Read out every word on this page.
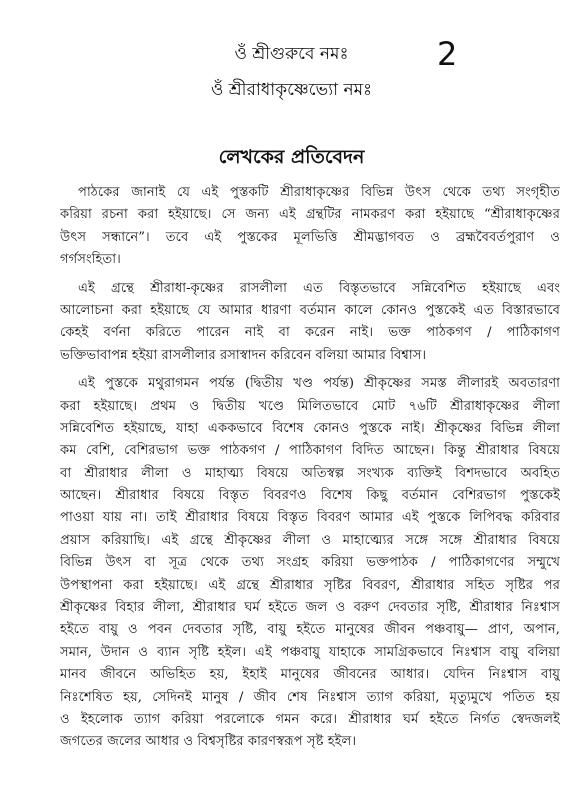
ওঁ শ্রীগুরুবে নমঃ	2
ওঁ শ্রীরাধাকৃষ্ণেভ্যো নমঃ
লেখকের প্রতিবেদন
পাঠকের জানাই যে এই পুস্তকটি শ্রীরাধাকৃষ্ণের বিভিন্ন উৎস থেকে তথ্য সংগৃহীত
করিয়া রচনা করা হইয়াছে। সে জন্য এই গ্রন্থটির নামকরণ করা হইয়াছে “শ্রীরাধাকৃষ্ণের
উৎস সন্ধানে”। তবে এই পুস্তকের মূলভিত্তি শ্রীমদ্ভাগবত ও ব্রহ্মবৈবর্তপুরাণ ও
গর্গসংহিতা।
এই গ্রন্থে শ্রীরাধা-কৃষ্ণের রাসলীলা এত বিস্তৃতভাবে সন্নিবেশিত হইয়াছে এবং
আলোচনা করা হইয়াছে যে আমার ধারণা বর্তমান কালে কোনও পুস্তকেই এত বিস্তারভাবে
কেহই বর্ণনা করিতে পারেন নাই বা করেন নাই। ভক্ত পাঠকগণ / পাঠিকাগণ
ভক্তিভাবাপন্ন হইয়া রাসলীলার রসাস্বাদন করিবেন বলিয়া আমার বিশ্বাস।
এই পুস্তকে মথুরাগমন পর্যন্ত (দ্বিতীয় খণ্ড পর্যন্ত) শ্রীকৃষ্ণের সমস্ত লীলারই অবতারণা
করা হইয়াছে। প্রথম ও দ্বিতীয় খণ্ডে মিলিতভাবে মোট ৭৬টি শ্রীরাধাকৃষ্ণের লীলা
সন্নিবেশিত হইয়াছে, যাহা এককভাবে বিশেষ কোনও পুস্তকে নাই। শ্রীকৃষ্ণের বিভিন্ন লীলা
কম বেশি, বেশিরভাগ ভক্ত পাঠকগণ / পাঠিকাগণ বিদিত আছেন। কিন্তু শ্রীরাধার বিষয়ে
বা শ্রীরাধার লীলা ও মাহাত্ম্য বিষয়ে অতিস্বল্প সংখ্যক ব্যক্তিই বিশদভাবে অবহিত
আছেন। শ্রীরাধার বিষয়ে বিস্তৃত বিবরণও বিশেষ কিছু বর্তমান বেশিরভাগ পুস্তকেই
পাওয়া যায় না। তাই শ্রীরাধার বিষয়ে বিস্তৃত বিবরণ আমার এই পুস্তকে লিপিবদ্ধ করিবার
প্রয়াস করিয়াছি। এই গ্রন্থে শ্রীকৃষ্ণের লীলা ও মাহাত্ম্যের সঙ্গে সঙ্গে শ্রীরাধার বিষয়ে
বিভিন্ন উৎস বা সূত্র থেকে তথ্য সংগ্রহ করিয়া ভক্তপাঠক / পাঠিকাগণের সম্মুখে
উপস্থাপনা করা হইয়াছে। এই গ্রন্থে শ্রীরাধার সৃষ্টির বিবরণ, শ্রীরাধার সহিত সৃষ্টির পর
শ্রীকৃষ্ণের বিহার লীলা, শ্রীরাধার ঘর্ম হইতে জল ও বরুণ দেবতার সৃষ্টি, শ্রীরাধার নিঃশ্বাস
হইতে বায়ু ও পবন দেবতার সৃষ্টি, বায়ু হইতে মানুষের জীবন পঞ্চবায়ু— প্রাণ, অপান,
সমান, উদান ও ব্যান সৃষ্টি হইল। এই পঞ্চবায়ু যাহাকে সামগ্রিকভাবে নিঃশ্বাস বায়ু বলিয়া
মানব জীবনে অভিহিত হয়, ইহাই মানুষের জীবনের আধার। যেদিন নিঃশ্বাস বায়ু
নিঃশেষিত হয়, সেদিনই মানুষ / জীব শেষ নিঃশ্বাস ত্যাগ করিয়া, মৃত্যুমুখে পতিত হয়
ও ইহলোক ত্যাগ করিয়া পরলোকে গমন করে। শ্রীরাধার ঘর্ম হইতে নির্গত স্বেদজলই
জগতের জলের আধার ও বিশ্বসৃষ্টির কারণস্বরূপ সৃষ্ট হইল।
